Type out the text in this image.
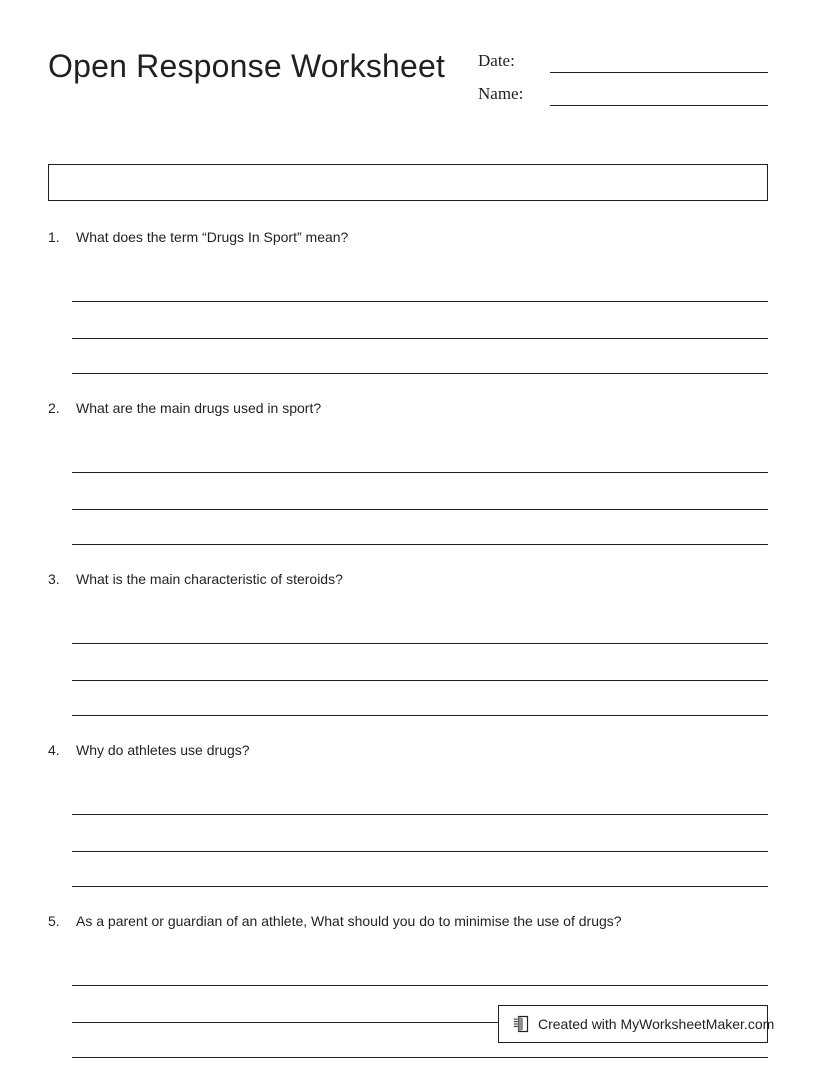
Open Response Worksheet Date:
Name:
1.	What does the term “Drugs In Sport” mean?
2.	What are the main drugs used in sport?
3.	What is the main characteristic of steroids?
4.	Why do athletes use drugs?
5.	As a parent or guardian of an athlete, What should you do to minimise the use of drugs?
Created with MyWorksheetMaker.com
